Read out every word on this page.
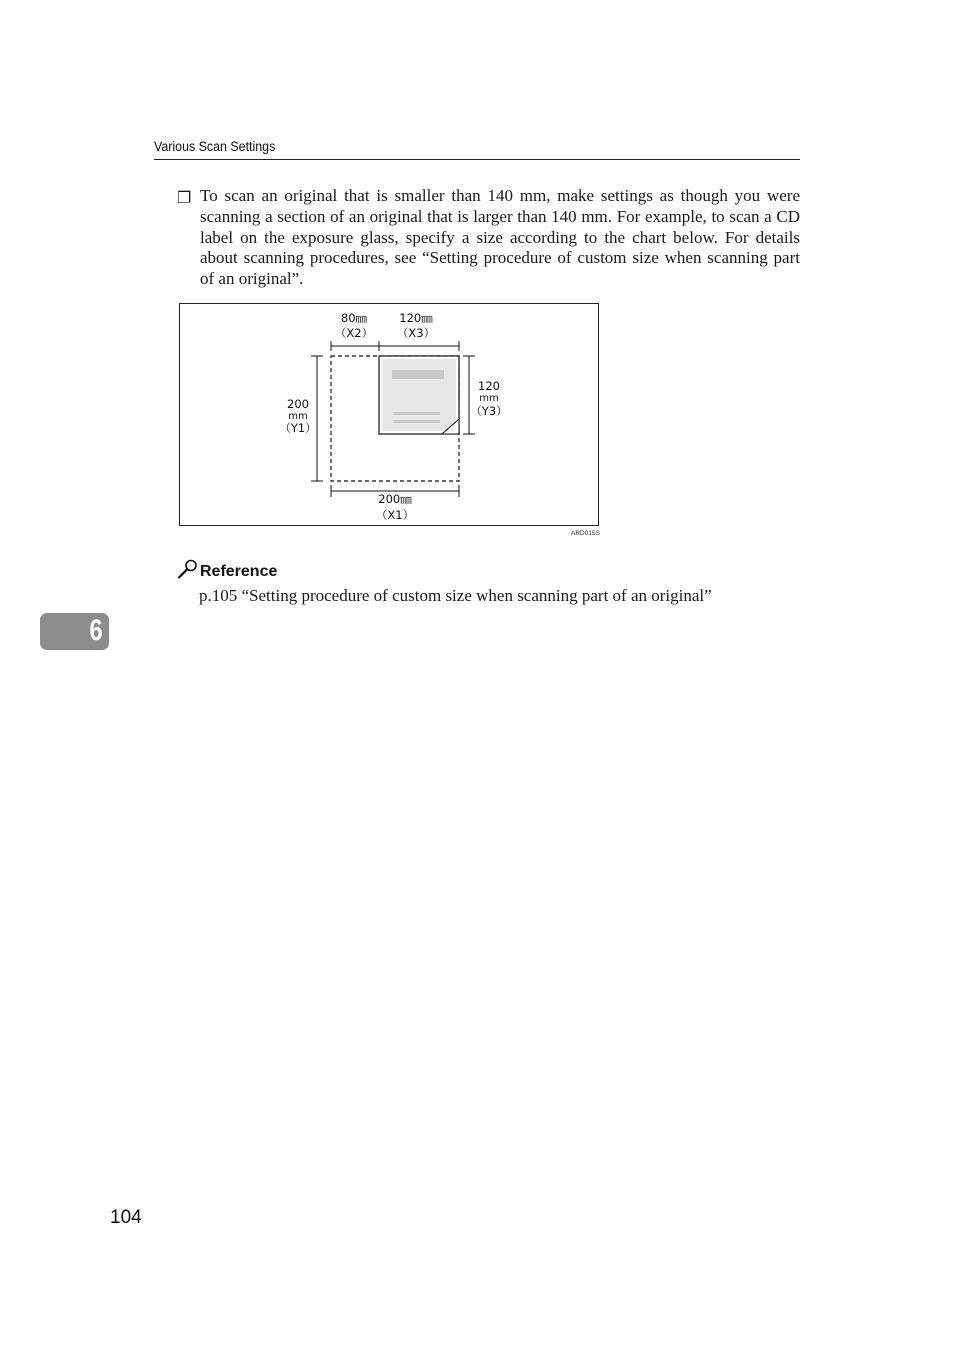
Various Scan Settings
❐ To scan an original that is smaller than 140 mm, make settings as though you were scanning a section of an original that is larger than 140 mm. For example, to scan a CD label on the exposure glass, specify a size according to the chart below. For details about scanning procedures, see “Setting procedure of custom size when scanning part of an original”.
80㎜
（X2）
120㎜
（X3）
200
mm
（Y1）
120
mm
（Y3）
200㎜
（X1）
ARD015S
Reference
p.105 “Setting procedure of custom size when scanning part of an original”
6
104
